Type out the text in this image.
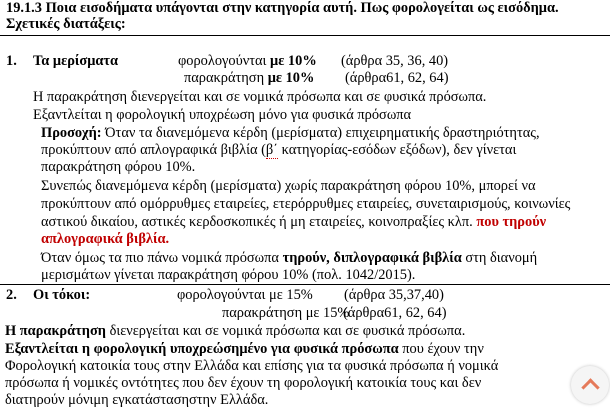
19.1.3 Ποια εισοδήματα υπάγονται στην κατηγορία αυτή. Πως φορολογείται ως εισόδημα.
Σχετικές διατάξεις:
1. Τα μερίσματα	φορολογούνται με 10% (άρθρα 35, 36, 40)
παρακράτηση με 10% (άρθρα61, 62, 64)
Η παρακράτηση διενεργείται και σε νομικά πρόσωπα και σε φυσικά πρόσωπα.
Εξαντλείται η φορολογική υποχρέωση μόνο για φυσικά πρόσωπα
Προσοχή: Όταν τα διανεμόμενα κέρδη (μερίσματα) επιχειρηματικής δραστηριότητας,
προκύπτουν από απλογραφικά βιβλία (β΄ κατηγορίας-εσόδων εξόδων), δεν γίνεται
παρακράτηση φόρου 10%.
Συνεπώς διανεμόμενα κέρδη (μερίσματα) χωρίς παρακράτηση φόρου 10%, μπορεί να
προκύπτουν από ομόρρυθμες εταιρείες, ετερόρρυθμες εταιρείες, συνεταιρισμούς, κοινωνίες
αστικού δικαίου, αστικές κερδοσκοπικές ή μη εταιρείες, κοινοπραξίες κλπ. που τηρούν
απλογραφικά βιβλία.
Όταν όμως τα πιο πάνω νομικά πρόσωπα τηρούν, διπλογραφικά βιβλία στη διανομή
μερισμάτων γίνεται παρακράτηση φόρου 10% (πολ. 1042/2015).
2. Οι τόκοι:	φορολογούνται με 15% (άρθρα 35,37,40)
παρακράτηση με 15%
(άρθρα61, 62, 64)
Η παρακράτηση διενεργείται και σε νομικά πρόσωπα και σε φυσικά πρόσωπα.
Εξαντλείται η φορολογική υποχρεώσημένο για φυσικά πρόσωπα που έχουν την
Φορολογική κατοικία τους στην Ελλάδα και επίσης για τα φυσικά πρόσωπα ή νομικά
πρόσωπα ή νομικές οντότητες που δεν έχουν τη φορολογική κατοικία τους και δεν
διατηρούν μόνιμη εγκατάστασηστην Ελλάδα.
